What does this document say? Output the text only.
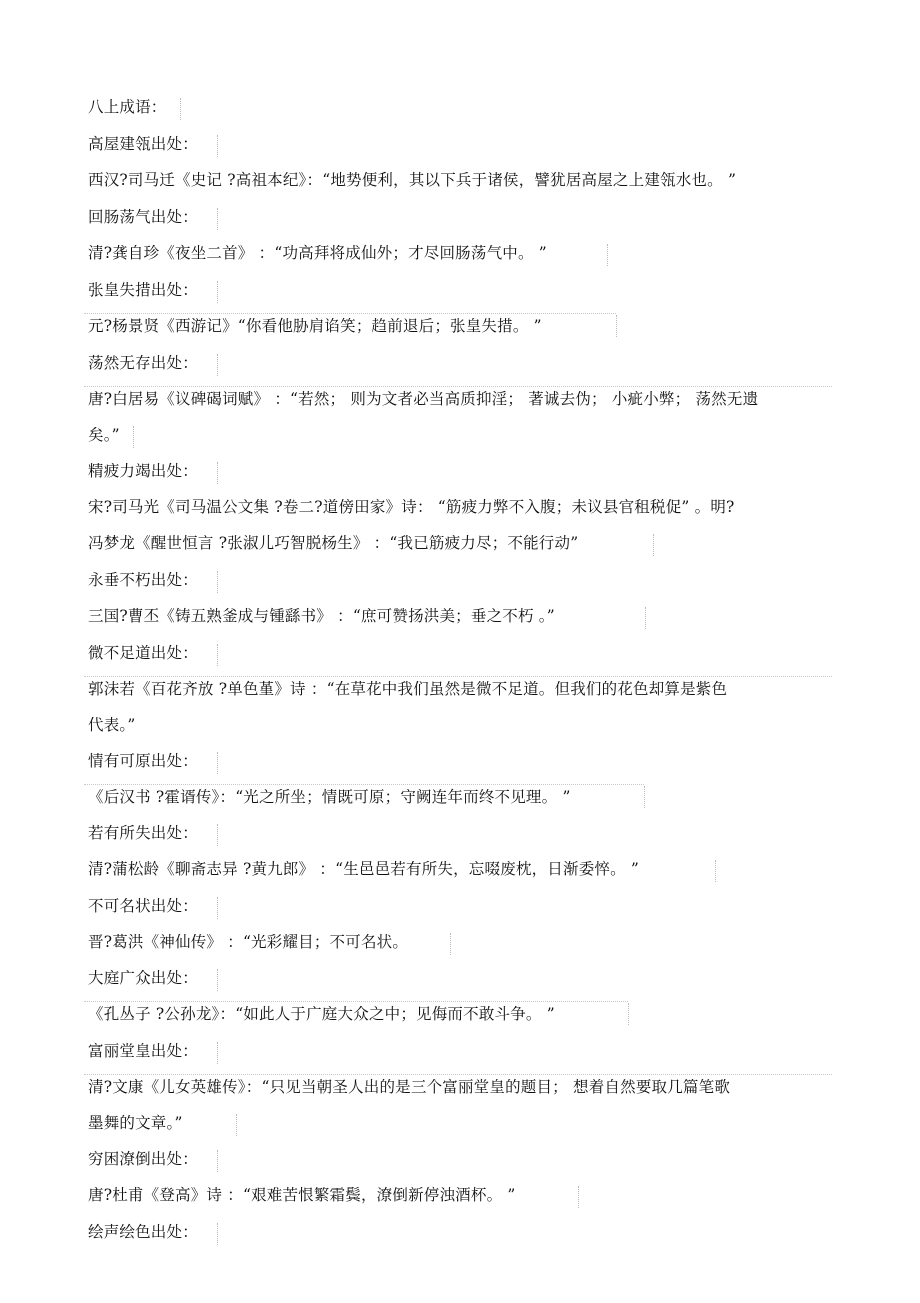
八上成语：
高屋建瓴出处：
西汉?司马迁《史记 ?高祖本纪》：“地势便利，其以下兵于诸侯，譬犹居高屋之上建瓴水也。 ”
回肠荡气出处：
清?龚自珍《夜坐二首》 ：“功高拜将成仙外；才尽回肠荡气中。 ”
张皇失措出处：
元?杨景贤《西游记》“你看他胁肩谄笑；趋前退后；张皇失措。 ”
荡然无存出处：
唐?白居易《议碑碣词赋》 ：“若然； 则为文者必当高质抑淫； 著诚去伪； 小疵小弊； 荡然无遗
矣。”
精疲力竭出处：
宋?司马光《司马温公文集 ?卷二?道傍田家》诗： “筋疲力弊不入腹；未议县官租税促” 。明?
冯梦龙《醒世恒言 ?张淑儿巧智脱杨生》 ：“我已筋疲力尽；不能行动”
永垂不朽出处：
三国?曹丕《铸五熟釜成与锺繇书》 ：“庶可赞扬洪美；垂之不朽 。”
微不足道出处：
郭沫若《百花齐放 ?单色堇》诗 ：“在草花中我们虽然是微不足道。但我们的花色却算是紫色
代表。”
情有可原出处：
《后汉书 ?霍谞传》：“光之所坐；情既可原；守阙连年而终不见理。 ”
若有所失出处：
清?蒲松龄《聊斋志异 ?黄九郎》 ：“生邑邑若有所失，忘啜废枕，日渐委悴。 ”
不可名状出处：
晋?葛洪《神仙传》 ：“光彩耀目；不可名状。
大庭广众出处：
《孔丛子 ?公孙龙》：“如此人于广庭大众之中；见侮而不敢斗争。 ”
富丽堂皇出处：
清?文康《儿女英雄传》：“只见当朝圣人出的是三个富丽堂皇的题目； 想着自然要取几篇笔歌
墨舞的文章。”
穷困潦倒出处：
唐?杜甫《登高》诗 ：“艰难苦恨繁霜鬓，潦倒新停浊酒杯。 ”
绘声绘色出处：
